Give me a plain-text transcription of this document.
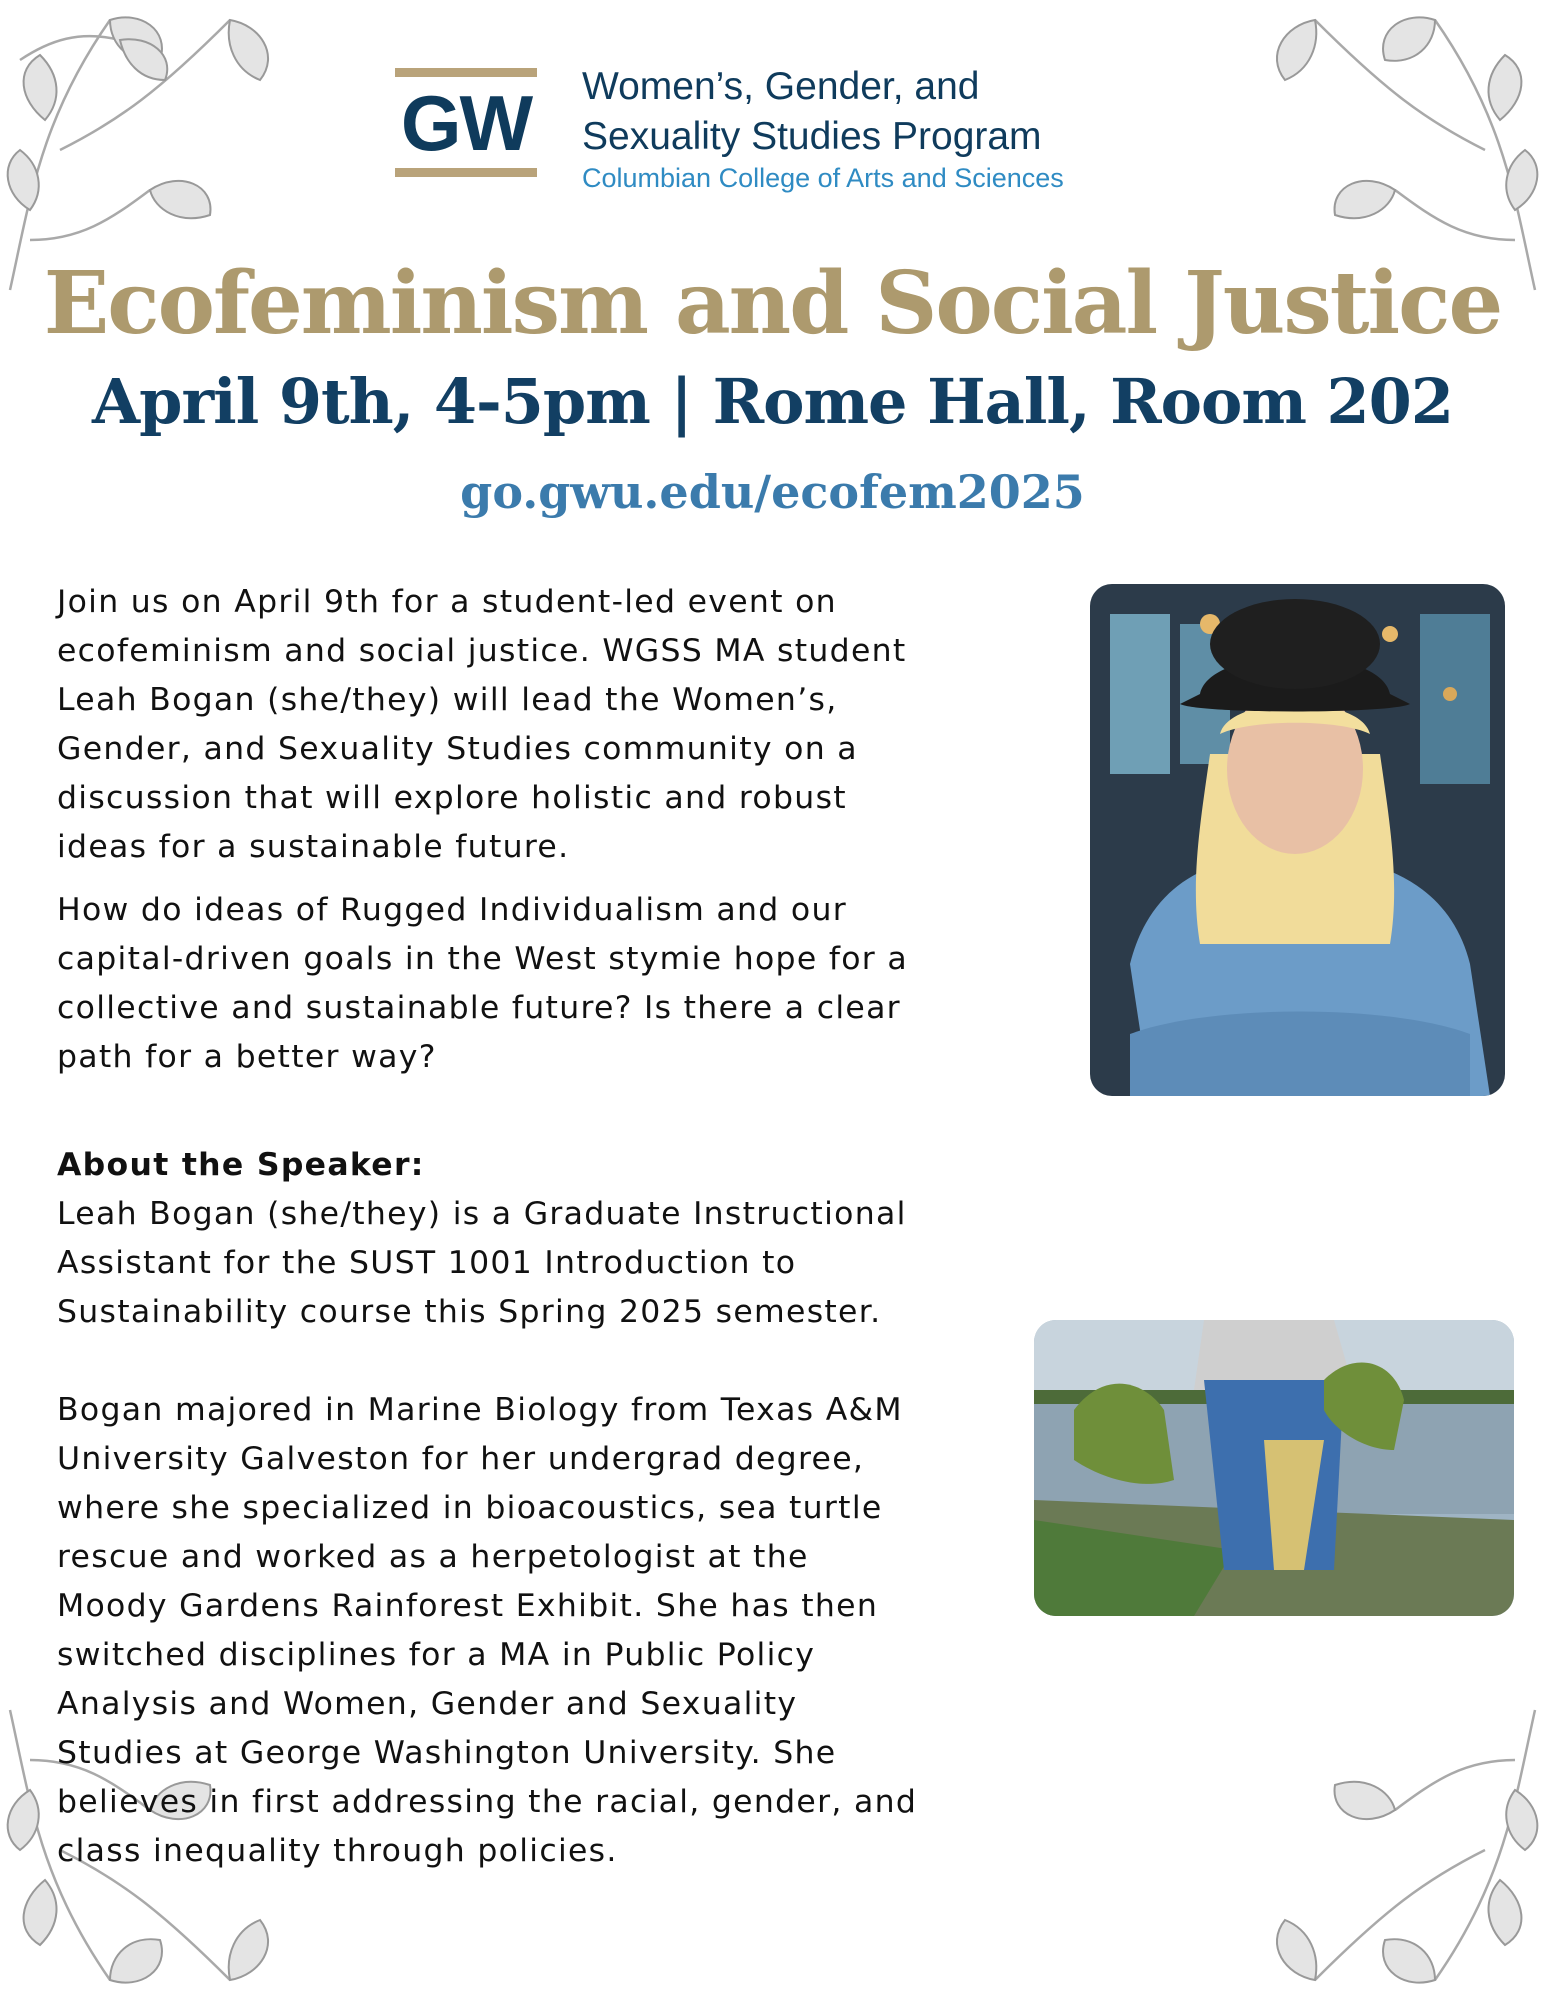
GW Women’s, Gender, and
Sexuality Studies Program
Columbian College of Arts and Sciences
Ecofeminism and Social Justice
April 9th, 4-5pm | Rome Hall, Room 202
go.gwu.edu/ecofem2025

Join us on April 9th for a student-led event on

ecofeminism and social justice. WGSS MA student

Leah Bogan (she/they) will lead the Women’s,

Gender, and Sexuality Studies community on a

discussion that will explore holistic and robust

ideas for a sustainable future.

How do ideas of Rugged Individualism and our

capital-driven goals in the West stymie hope for a

collective and sustainable future? Is there a clear

path for a better way?

About the Speaker:

Leah Bogan (she/they) is a Graduate Instructional

Assistant for the SUST 1001 Introduction to

Sustainability course this Spring 2025 semester.

Bogan majored in Marine Biology from Texas A&M

University Galveston for her undergrad degree,

where she specialized in bioacoustics, sea turtle

rescue and worked as a herpetologist at the

Moody Gardens Rainforest Exhibit. She has then

switched disciplines for a MA in Public Policy

Analysis and Women, Gender and Sexuality

Studies at George Washington University. She

believes in first addressing the racial, gender, and

class inequality through policies.
